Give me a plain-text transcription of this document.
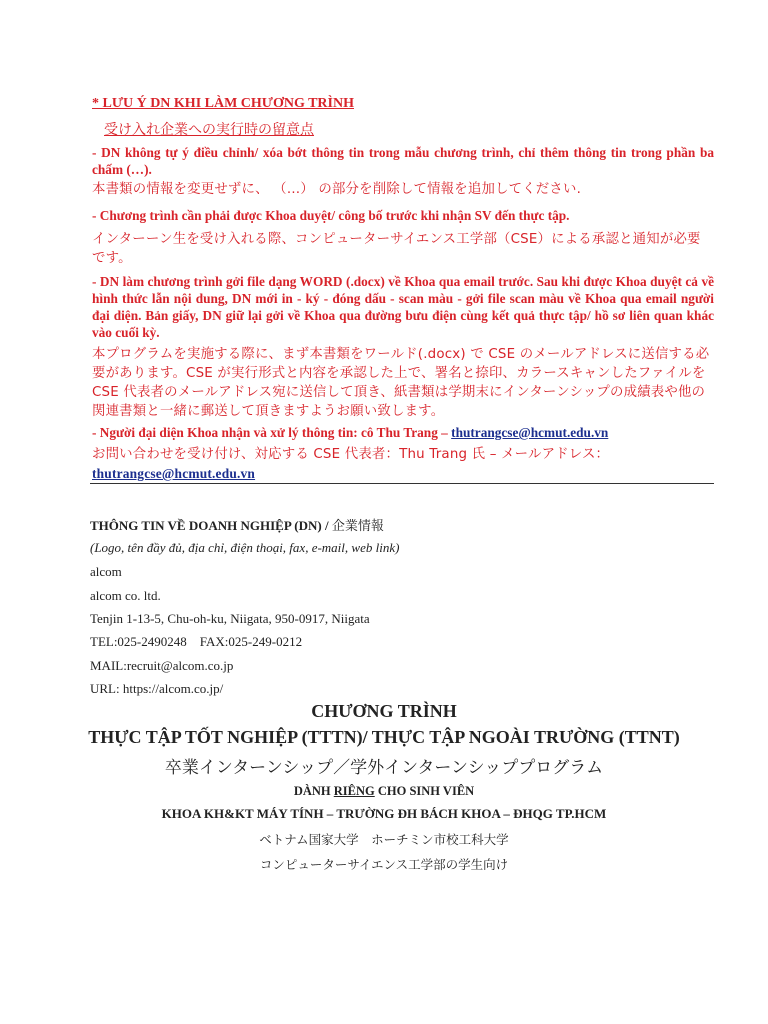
* LƯU Ý DN KHI LÀM CHƯƠNG TRÌNH

受け入れ企業への実行時の留意点

- DN không tự ý điều chỉnh/ xóa bớt thông tin trong mẫu chương trình, chỉ thêm thông tin trong phần ba chấm (…).

本書類の情報を変更せずに、 （…） の部分を削除して情報を追加してください.

- Chương trình cần phải được Khoa duyệt/ công bố trước khi nhận SV đến thực tập.

インターーン生を受け入れる際、コンピューターサイエンス工学部（CSE）による承認と通知が必要です。

- DN làm chương trình gởi file dạng WORD (.docx) về Khoa qua email trước. Sau khi được Khoa duyệt cả về hình thức lẫn nội dung, DN mới in - ký - đóng dấu - scan màu - gởi file scan màu về Khoa qua email người đại diện. Bản giấy, DN giữ lại gởi về Khoa qua đường bưu điện cùng kết quả thực tập/ hồ sơ liên quan khác vào cuối kỳ.

本プログラムを実施する際に、まず本書類をワールド(.docx) で CSE のメールアドレスに送信する必要があります。CSE が実行形式と内容を承認した上で、署名と捺印、カラースキャンしたファイルを CSE 代表者のメールアドレス宛に送信して頂き、紙書類は学期末にインターンシップの成績表や他の関連書類と一緒に郵送して頂きますようお願い致します。

- Người đại diện Khoa nhận và xử lý thông tin: cô Thu Trang – thutrangcse@hcmut.edu.vn

お問い合わせを受け付け、対応する CSE 代表者：Thu Trang 氏 – メールアドレス：
thutrangcse@hcmut.edu.vn

THÔNG TIN VỀ DOANH NGHIỆP (DN) / 企業情報

(Logo, tên đầy đủ, địa chỉ, điện thoại, fax, e-mail, web link)

alcom

alcom co. ltd.

Tenjin 1-13-5, Chu-oh-ku, Niigata, 950-0917, Niigata

TEL:025-2490248    FAX:025-249-0212

MAIL:recruit@alcom.co.jp

URL: https://alcom.co.jp/

CHƯƠNG TRÌNH

THỰC TẬP TỐT NGHIỆP (TTTN)/ THỰC TẬP NGOÀI TRƯỜNG (TTNT)

卒業インターンシップ／学外インターンシッププログラム

DÀNH RIÊNG CHO SINH VIÊN

KHOA KH&KT MÁY TÍNH – TRƯỜNG ĐH BÁCH KHOA – ĐHQG TP.HCM

ベトナム国家大学　ホーチミン市校工科大学

コンピューターサイエンス工学部の学生向け
